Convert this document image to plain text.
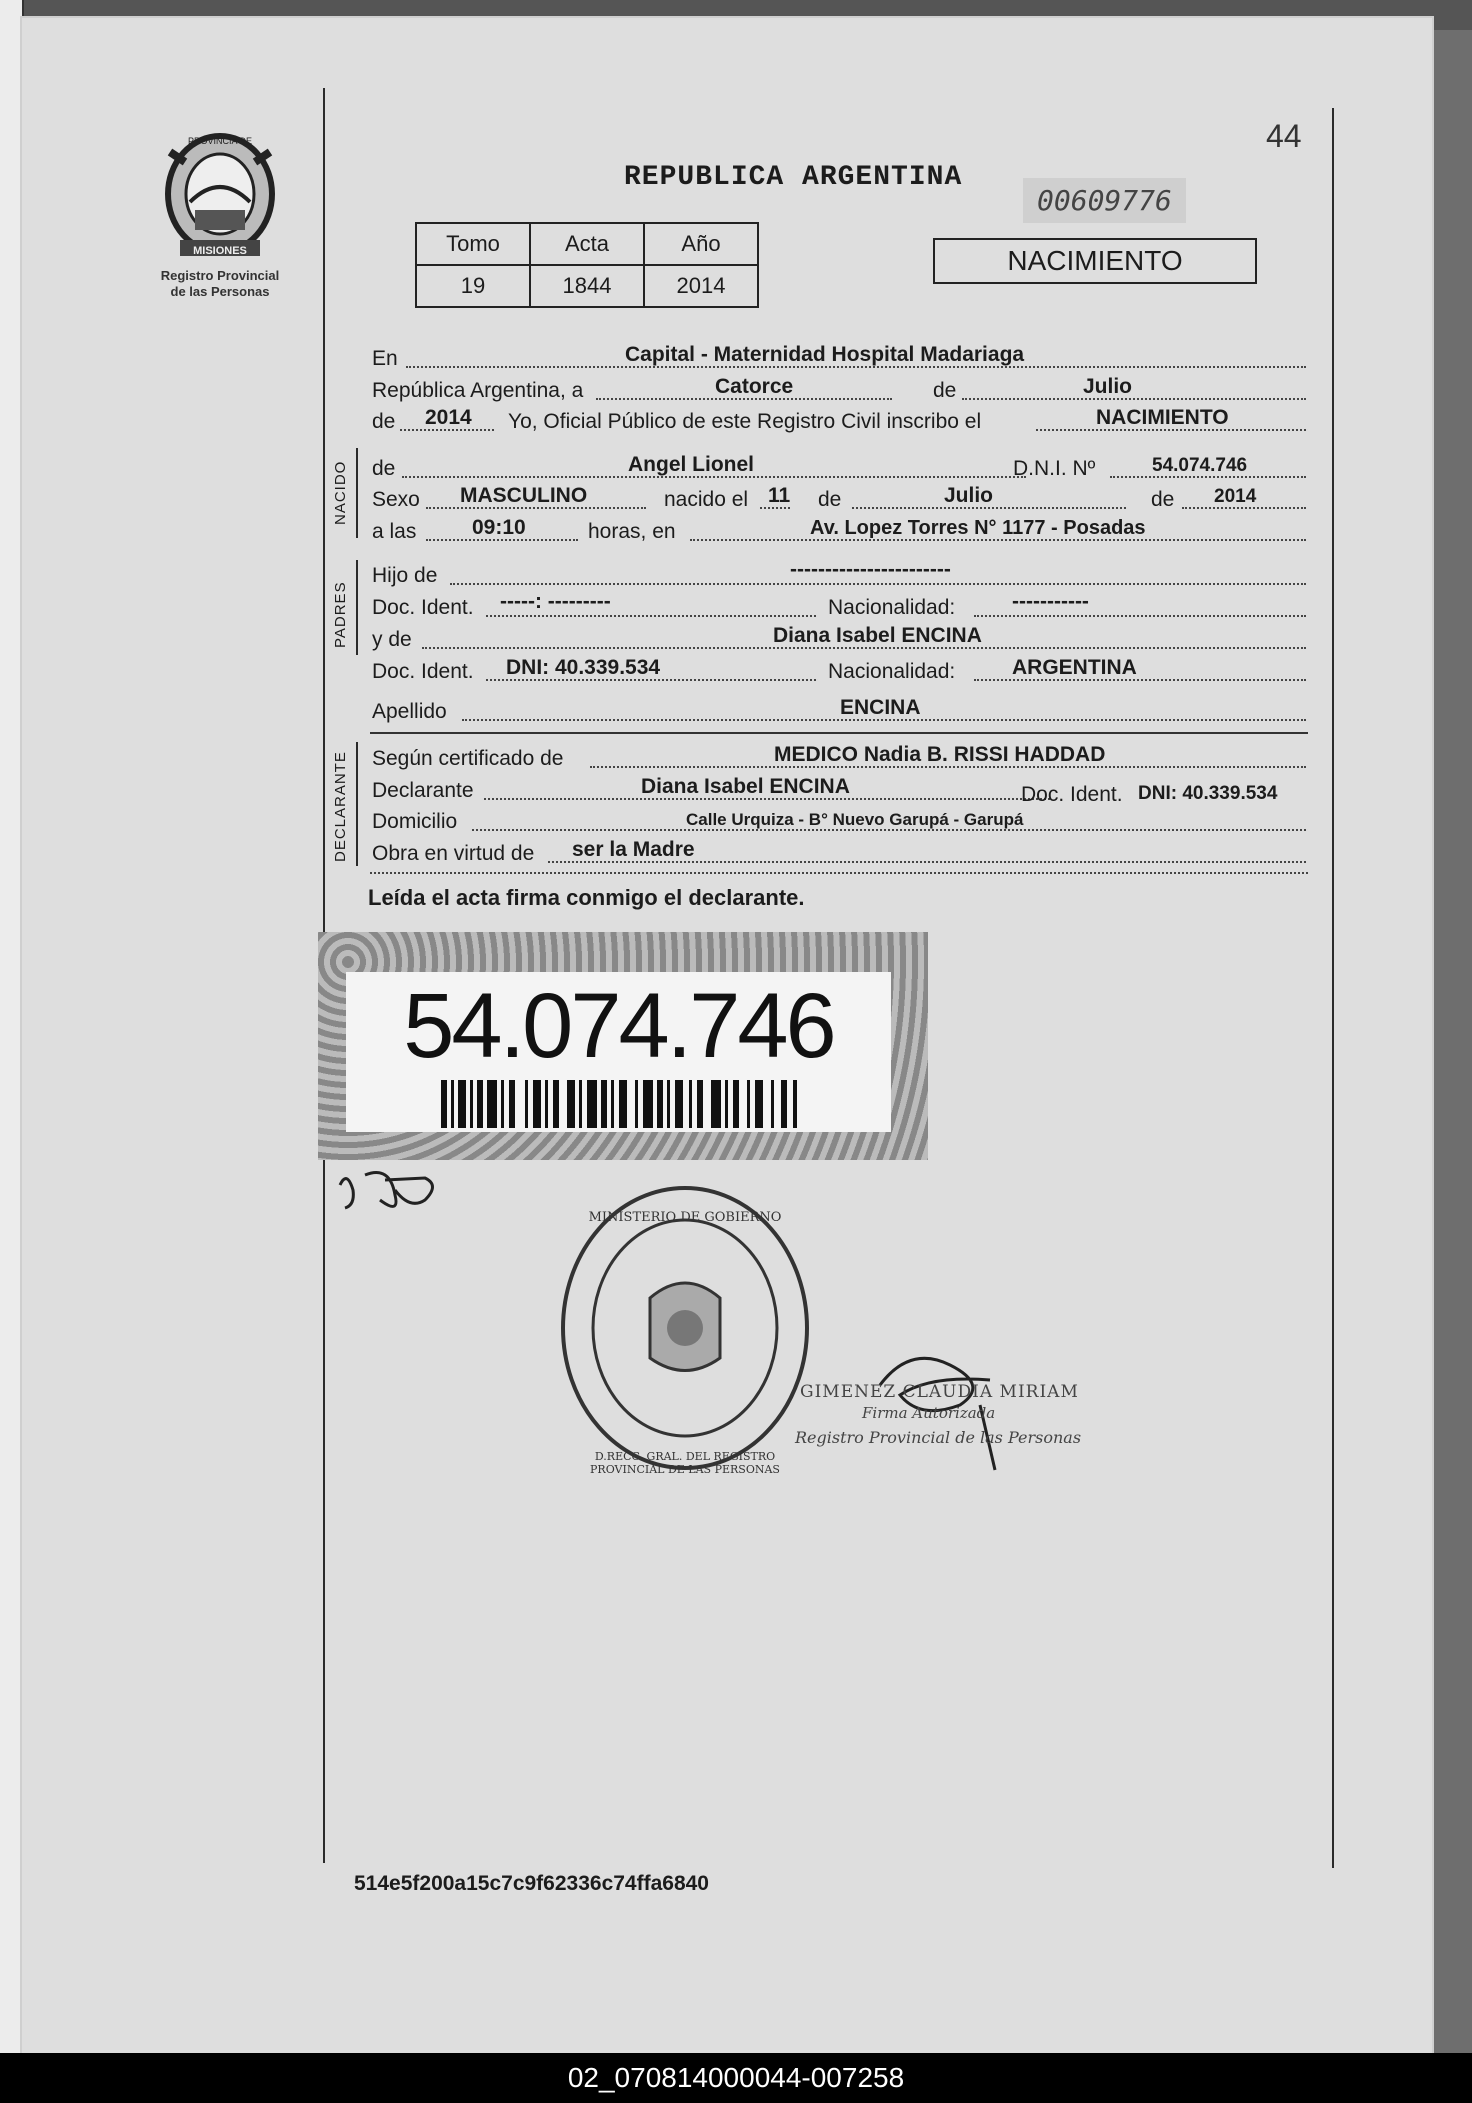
44
MISIONES
PROVINCIA DE
Registro Provincial
de las Personas
REPUBLICA ARGENTINA
00609776
Tomo	Acta	Año
19	1844	2014
NACIMIENTO
NACIDO
PADRES
DECLARANTE
En	Capital - Maternidad Hospital Madariaga
República Argentina, a	Catorce	de	Julio
de 2014 Yo, Oficial Público de este Registro Civil inscribo el	NACIMIENTO
de	Angel Lionel	D.N.I. Nº	54.074.746
Sexo MASCULINO	nacido el 11 de	Julio	de 2014
a las	09:10	horas, en	Av. Lopez Torres N° 1177 - Posadas
Hijo de	-----------------------
Doc. Ident. -----: ---------	Nacionalidad:	-----------
y de	Diana Isabel ENCINA
Doc. Ident. DNI: 40.339.534	Nacionalidad:	ARGENTINA
Apellido	ENCINA
Según certificado de	MEDICO Nadia B. RISSI HADDAD
Declarante	Diana Isabel ENCINA	Doc. Ident. DNI: 40.339.534
Domicilio	Calle Urquiza - B° Nuevo Garupá - Garupá
Obra en virtud de ser la Madre
Leída el acta firma conmigo el declarante.
54.074.746
MINISTERIO DE GOBIERNO
D.RECC. GRAL. DEL REGISTRO PROVINCIAL DE LAS PERSONAS
GIMENEZ CLAUDIA MIRIAM
Firma Autorizada
Registro Provincial de las Personas
514e5f200a15c7c9f62336c74ffa6840
02_070814000044-007258
